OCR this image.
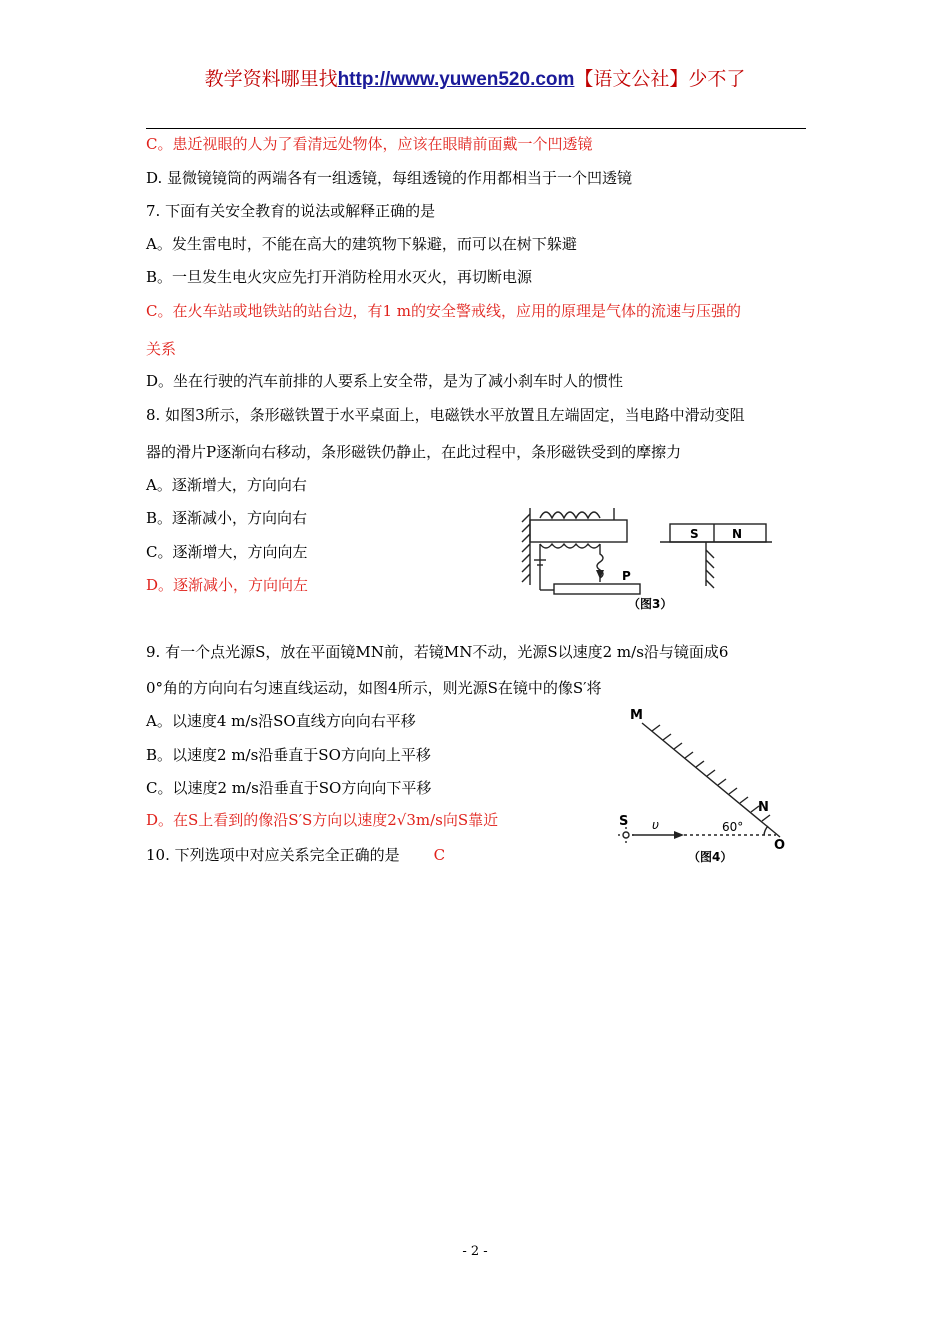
教学资料哪里找http://www.yuwen520.com【语文公社】少不了
C。患近视眼的人为了看清远处物体，应该在眼睛前面戴一个凹透镜
D. 显微镜镜筒的两端各有一组透镜，每组透镜的作用都相当于一个凹透镜
7. 下面有关安全教育的说法或解释正确的是
A。发生雷电时，不能在高大的建筑物下躲避，而可以在树下躲避
B。一旦发生电火灾应先打开消防栓用水灭火，再切断电源
C。在火车站或地铁站的站台边，有1 m的安全警戒线，应用的原理是气体的流速与压强的
关系
D。坐在行驶的汽车前排的人要系上安全带，是为了减小刹车时人的惯性
8. 如图3所示，条形磁铁置于水平桌面上，电磁铁水平放置且左端固定，当电路中滑动变阻
器的滑片P逐渐向右移动，条形磁铁仍静止，在此过程中，条形磁铁受到的摩擦力
A。逐渐增大，方向向右
B。逐渐减小，方向向右
C。逐渐增大，方向向左
D。逐渐减小，方向向左
9. 有一个点光源S，放在平面镜MN前，若镜MN不动，光源S以速度2 m/s沿与镜面成6
0°角的方向向右匀速直线运动，如图4所示，则光源S在镜中的像S′将
A。以速度4 m/s沿SO直线方向向右平移
B。以速度2 m/s沿垂直于SO方向向上平移
C。以速度2 m/s沿垂直于SO方向向下平移
D。在S上看到的像沿S′S方向以速度2√3m/s向S靠近
10. 下列选项中对应关系完全正确的是 C
S	N
P
（图3）
M
N
O
S υ	60°
（图4）
- 2 -
